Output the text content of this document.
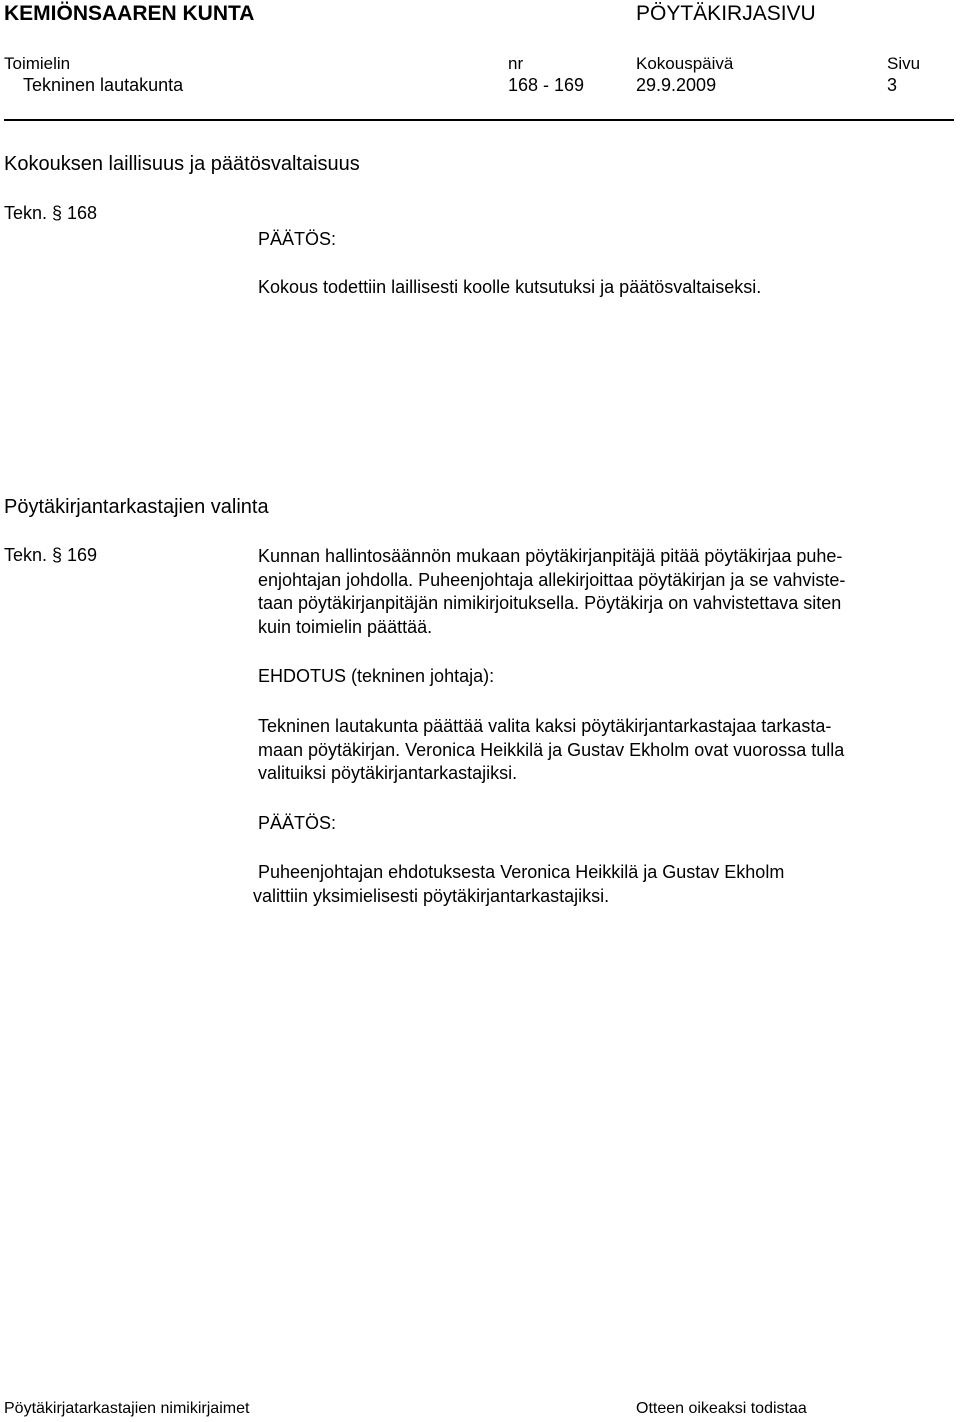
KEMIÖNSAAREN KUNTA	PÖYTÄKIRJASIVU
Toimielin	nr	Kokouspäivä	Sivu
Tekninen lautakunta	168 - 169	29.9.2009	3
Kokouksen laillisuus ja päätösvaltaisuus
Tekn. § 168
PÄÄTÖS:
Kokous todettiin laillisesti koolle kutsutuksi ja päätösvaltaiseksi.
Pöytäkirjantarkastajien valinta
Tekn. § 169	Kunnan hallintosäännön mukaan pöytäkirjanpitäjä pitää pöytäkirjaa puhe-
enjohtajan johdolla. Puheenjohtaja allekirjoittaa pöytäkirjan ja se vahviste-
taan pöytäkirjanpitäjän nimikirjoituksella. Pöytäkirja on vahvistettava siten
kuin toimielin päättää.
EHDOTUS (tekninen johtaja):
Tekninen lautakunta päättää valita kaksi pöytäkirjantarkastajaa tarkasta-
maan pöytäkirjan. Veronica Heikkilä ja Gustav Ekholm ovat vuorossa tulla
valituiksi pöytäkirjantarkastajiksi.
PÄÄTÖS:
Puheenjohtajan ehdotuksesta Veronica Heikkilä ja Gustav Ekholm
valittiin yksimielisesti pöytäkirjantarkastajiksi.
Pöytäkirjatarkastajien nimikirjaimet	Otteen oikeaksi todistaa
